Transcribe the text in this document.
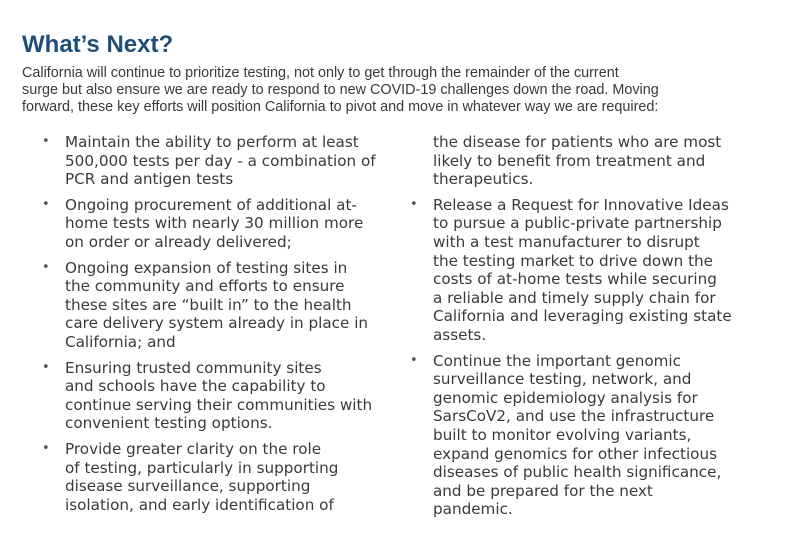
What’s Next?

California will continue to prioritize testing, not only to get through the remainder of the current
surge but also ensure we are ready to respond to new COVID-19 challenges down the road. Moving
forward, these key efforts will position California to pivot and move in whatever way we are required:

• Maintain the ability to perform at least
500,000 tests per day - a combination of
PCR and antigen tests
• Ongoing procurement of additional at-
home tests with nearly 30 million more
on order or already delivered;
• Ongoing expansion of testing sites in
the community and efforts to ensure
these sites are “built in” to the health
care delivery system already in place in
California; and
• Ensuring trusted community sites
and schools have the capability to
continue serving their communities with
convenient testing options.
• Provide greater clarity on the role
of testing, particularly in supporting
disease surveillance, supporting
isolation, and early identification of
the disease for patients who are most
likely to benefit from treatment and
therapeutics.
• Release a Request for Innovative Ideas
to pursue a public-private partnership
with a test manufacturer to disrupt
the testing market to drive down the
costs of at-home tests while securing
a reliable and timely supply chain for
California and leveraging existing state
assets.
• Continue the important genomic
surveillance testing, network, and
genomic epidemiology analysis for
SarsCoV2, and use the infrastructure
built to monitor evolving variants,
expand genomics for other infectious
diseases of public health significance,
and be prepared for the next
pandemic.
